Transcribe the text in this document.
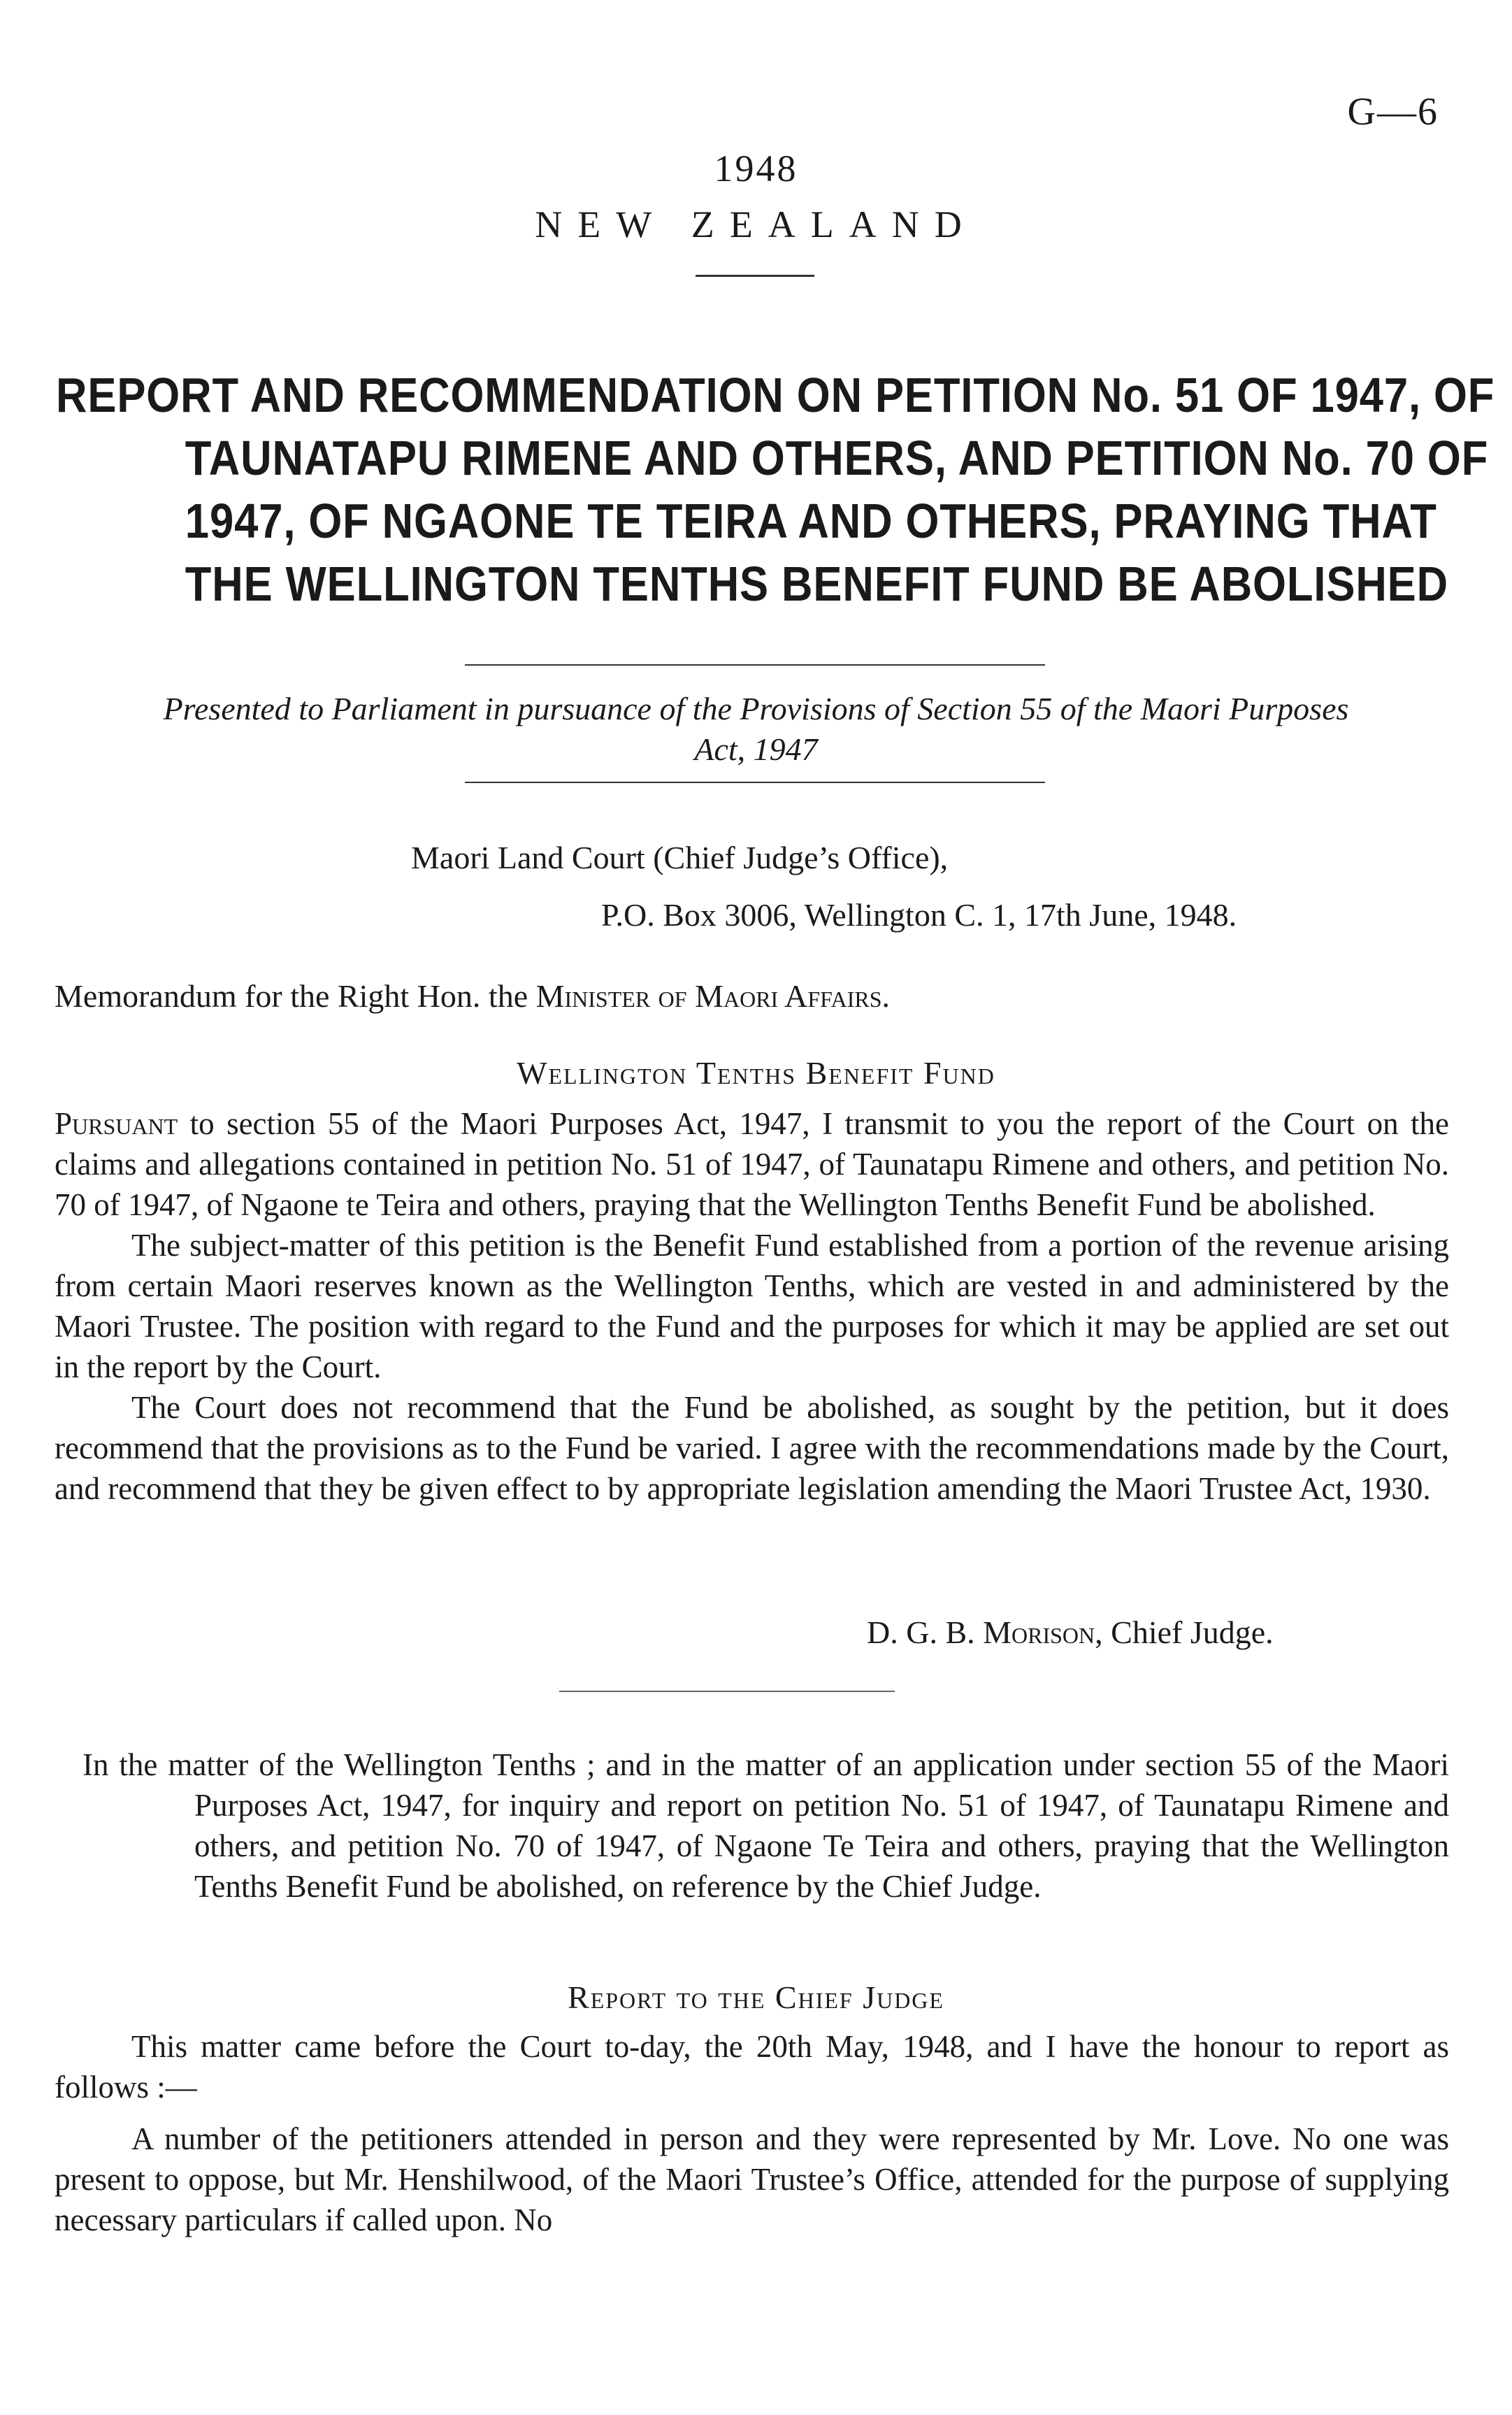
G—6
1948
NEW ZEALAND
REPORT AND RECOMMENDATION ON PETITION No. 51 OF 1947, OF
TAUNATAPU RIMENE AND OTHERS, AND PETITION No. 70 OF
1947, OF NGAONE TE TEIRA AND OTHERS, PRAYING THAT
THE WELLINGTON TENTHS BENEFIT FUND BE ABOLISHED
Presented to Parliament in pursuance of the Provisions of Section 55 of the Maori Purposes
Act, 1947
Maori Land Court (Chief Judge’s Office),
P.O. Box 3006, Wellington C. 1, 17th June, 1948.
Memorandum for the Right Hon. the Minister of Maori Affairs.
Wellington Tenths Benefit Fund
Pursuant to section 55 of the Maori Purposes Act, 1947, I transmit to you the report of the Court on the claims and allegations contained in petition No. 51 of 1947, of Taunatapu Rimene and others, and petition No. 70 of 1947, of Ngaone te Teira and others, praying that the Wellington Tenths Benefit Fund be abolished.
The subject-matter of this petition is the Benefit Fund established from a portion of the revenue arising from certain Maori reserves known as the Wellington Tenths, which are vested in and administered by the Maori Trustee. The position with regard to the Fund and the purposes for which it may be applied are set out in the report by the Court.
The Court does not recommend that the Fund be abolished, as sought by the petition, but it does recommend that the provisions as to the Fund be varied. I agree with the recommendations made by the Court, and recommend that they be given effect to by appropriate legislation amending the Maori Trustee Act, 1930.
D. G. B. Morison, Chief Judge.
In the matter of the Wellington Tenths ; and in the matter of an application under section 55 of the Maori Purposes Act, 1947, for inquiry and report on petition No. 51 of 1947, of Taunatapu Rimene and others, and petition No. 70 of 1947, of Ngaone Te Teira and others, praying that the Wellington Tenths Benefit Fund be abolished, on reference by the Chief Judge.
Report to the Chief Judge
This matter came before the Court to-day, the 20th May, 1948, and I have the honour to report as follows :—
A number of the petitioners attended in person and they were represented by Mr. Love. No one was present to oppose, but Mr. Henshilwood, of the Maori Trustee’s Office, attended for the purpose of supplying necessary particulars if called upon. No
